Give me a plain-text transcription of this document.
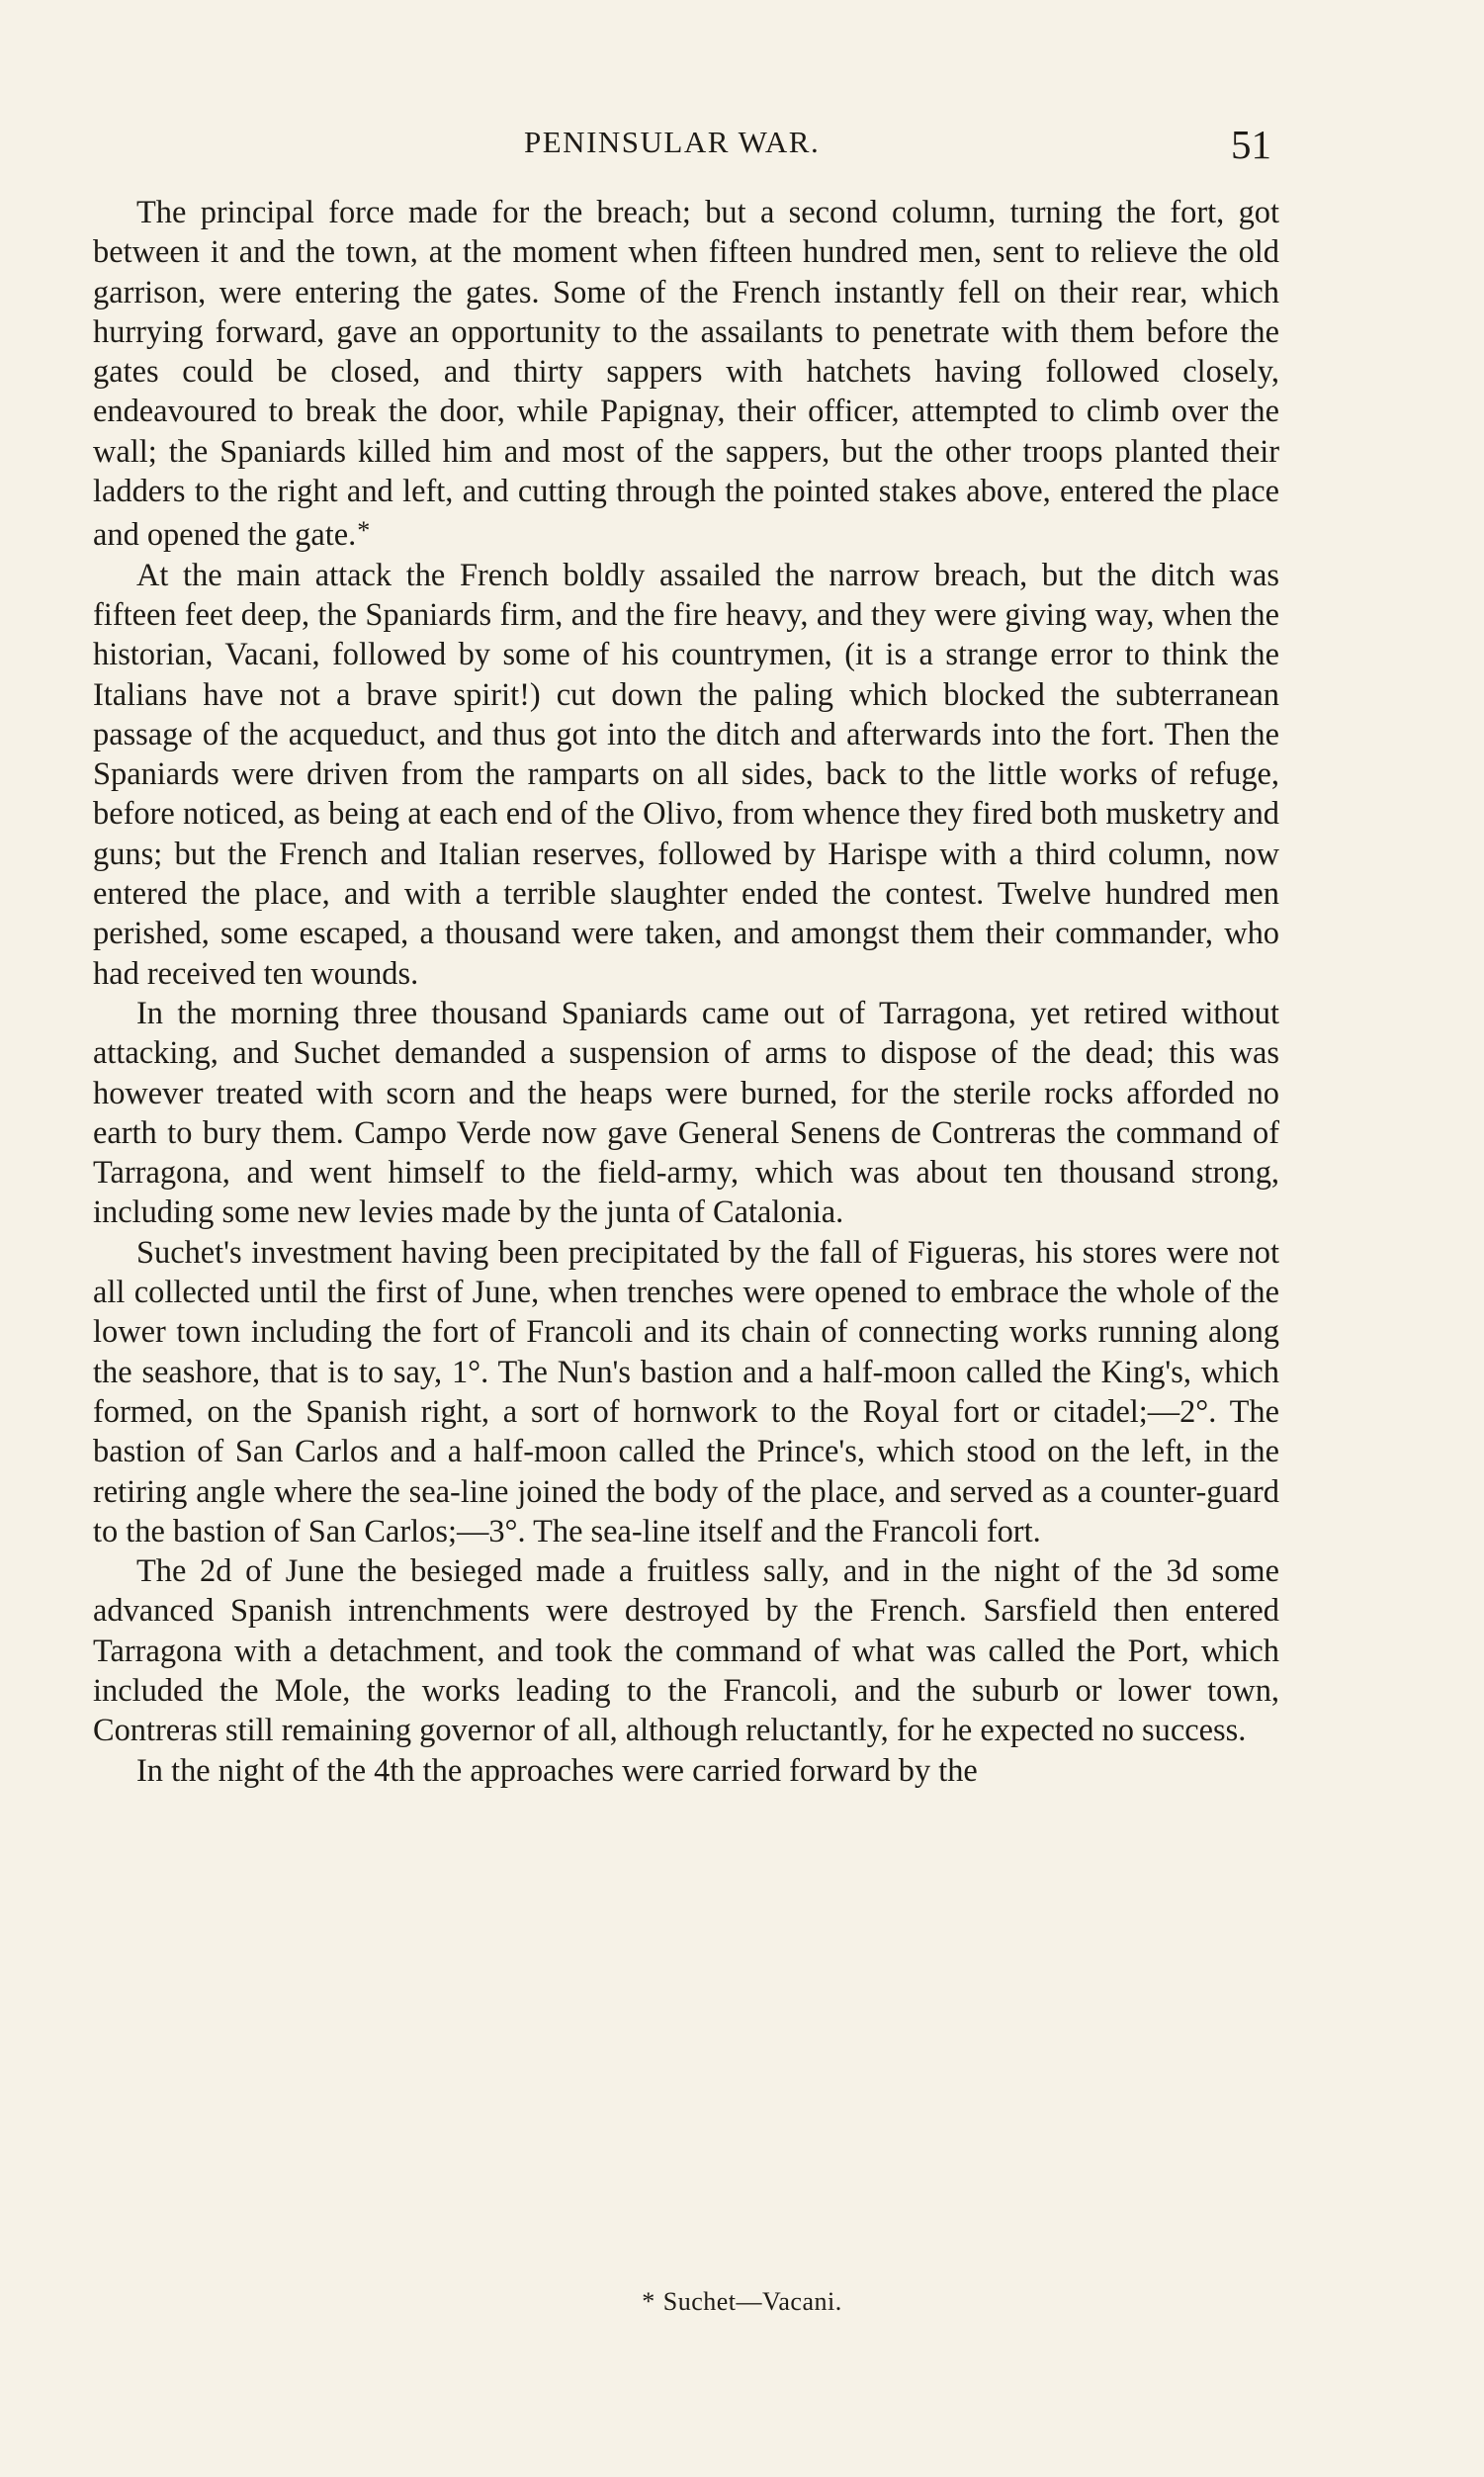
PENINSULAR WAR.	51

The principal force made for the breach; but a second column, turning the fort, got between it and the town, at the moment when fifteen hundred men, sent to relieve the old garrison, were entering the gates. Some of the French instantly fell on their rear, which hurrying forward, gave an opportunity to the assailants to penetrate with them before the gates could be closed, and thirty sappers with hatchets having followed closely, endeavoured to break the door, while Papignay, their officer, attempted to climb over the wall; the Spaniards killed him and most of the sappers, but the other troops planted their ladders to the right and left, and cutting through the pointed stakes above, entered the place and opened the gate.*

At the main attack the French boldly assailed the narrow breach, but the ditch was fifteen feet deep, the Spaniards firm, and the fire heavy, and they were giving way, when the historian, Vacani, followed by some of his countrymen, (it is a strange error to think the Italians have not a brave spirit!) cut down the paling which blocked the subterranean passage of the acqueduct, and thus got into the ditch and afterwards into the fort. Then the Spaniards were driven from the ramparts on all sides, back to the little works of refuge, before noticed, as being at each end of the Olivo, from whence they fired both musketry and guns; but the French and Italian reserves, followed by Harispe with a third column, now entered the place, and with a terrible slaughter ended the contest. Twelve hundred men perished, some escaped, a thousand were taken, and amongst them their commander, who had received ten wounds.

In the morning three thousand Spaniards came out of Tarragona, yet retired without attacking, and Suchet demanded a suspension of arms to dispose of the dead; this was however treated with scorn and the heaps were burned, for the sterile rocks afforded no earth to bury them. Campo Verde now gave General Senens de Contreras the command of Tarragona, and went himself to the field-army, which was about ten thousand strong, including some new levies made by the junta of Catalonia.

Suchet's investment having been precipitated by the fall of Figueras, his stores were not all collected until the first of June, when trenches were opened to embrace the whole of the lower town including the fort of Francoli and its chain of connecting works running along the seashore, that is to say, 1°. The Nun's bastion and a half-moon called the King's, which formed, on the Spanish right, a sort of hornwork to the Royal fort or citadel;—2°. The bastion of San Carlos and a half-moon called the Prince's, which stood on the left, in the retiring angle where the sea-line joined the body of the place, and served as a counter-guard to the bastion of San Carlos;—3°. The sea-line itself and the Francoli fort.

The 2d of June the besieged made a fruitless sally, and in the night of the 3d some advanced Spanish intrenchments were destroyed by the French. Sarsfield then entered Tarragona with a detachment, and took the command of what was called the Port, which included the Mole, the works leading to the Francoli, and the suburb or lower town, Contreras still remaining governor of all, although reluctantly, for he expected no success.

In the night of the 4th the approaches were carried forward by the

* Suchet—Vacani.
